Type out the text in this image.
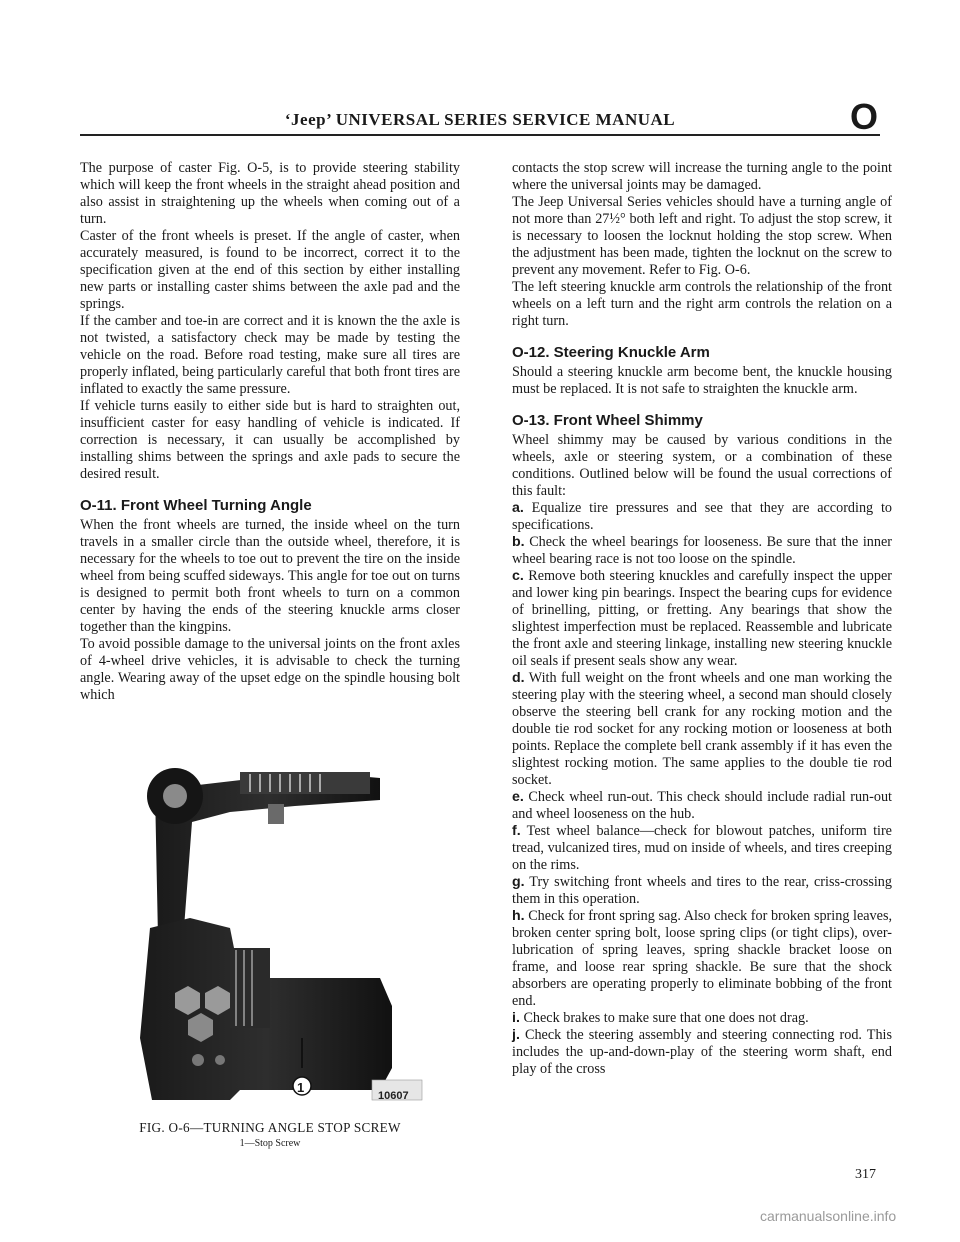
‘Jeep’ UNIVERSAL SERIES SERVICE MANUAL	O

The purpose of caster Fig. O-5, is to provide steering stability which will keep the front wheels in the straight ahead position and also assist in straightening up the wheels when coming out of a turn.

Caster of the front wheels is preset. If the angle of caster, when accurately measured, is found to be incorrect, correct it to the specification given at the end of this section by either installing new parts or installing caster shims between the axle pad and the springs.

If the camber and toe-in are correct and it is known the the axle is not twisted, a satisfactory check may be made by testing the vehicle on the road. Before road testing, make sure all tires are properly inflated, being particularly careful that both front tires are inflated to exactly the same pressure.

If vehicle turns easily to either side but is hard to straighten out, insufficient caster for easy handling of vehicle is indicated. If correction is necessary, it can usually be accomplished by installing shims between the springs and axle pads to secure the desired result.

O-11. Front Wheel Turning Angle

When the front wheels are turned, the inside wheel on the turn travels in a smaller circle than the outside wheel, therefore, it is necessary for the wheels to toe out to prevent the tire on the inside wheel from being scuffed sideways. This angle for toe out on turns is designed to permit both front wheels to turn on a common center by having the ends of the steering knuckle arms closer together than the kingpins.

To avoid possible damage to the universal joints on the front axles of 4-wheel drive vehicles, it is advisable to check the turning angle. Wearing away of the upset edge on the spindle housing bolt which

1
10607
FIG. O-6—TURNING ANGLE STOP SCREW
1—Stop Screw

contacts the stop screw will increase the turning angle to the point where the universal joints may be damaged.

The Jeep Universal Series vehicles should have a turning angle of not more than 27½° both left and right. To adjust the stop screw, it is necessary to loosen the locknut holding the stop screw. When the adjustment has been made, tighten the locknut on the screw to prevent any movement. Refer to Fig. O-6.

The left steering knuckle arm controls the relationship of the front wheels on a left turn and the right arm controls the relation on a right turn.

O-12. Steering Knuckle Arm

Should a steering knuckle arm become bent, the knuckle housing must be replaced. It is not safe to straighten the knuckle arm.

O-13. Front Wheel Shimmy

Wheel shimmy may be caused by various conditions in the wheels, axle or steering system, or a combination of these conditions. Outlined below will be found the usual corrections of this fault:

a. Equalize tire pressures and see that they are according to specifications.

b. Check the wheel bearings for looseness. Be sure that the inner wheel bearing race is not too loose on the spindle.

c. Remove both steering knuckles and carefully inspect the upper and lower king pin bearings. Inspect the bearing cups for evidence of brinelling, pitting, or fretting. Any bearings that show the slightest imperfection must be replaced. Reassemble and lubricate the front axle and steering linkage, installing new steering knuckle oil seals if present seals show any wear.

d. With full weight on the front wheels and one man working the steering play with the steering wheel, a second man should closely observe the steering bell crank for any rocking motion and the double tie rod socket for any rocking motion or looseness at both points. Replace the complete bell crank assembly if it has even the slightest rocking motion. The same applies to the double tie rod socket.

e. Check wheel run-out. This check should include radial run-out and wheel looseness on the hub.

f. Test wheel balance—check for blowout patches, uniform tire tread, vulcanized tires, mud on inside of wheels, and tires creeping on the rims.

g. Try switching front wheels and tires to the rear, criss-crossing them in this operation.

h. Check for front spring sag. Also check for broken spring leaves, broken center spring bolt, loose spring clips (or tight clips), over-lubrication of spring leaves, spring shackle bracket loose on frame, and loose rear spring shackle. Be sure that the shock absorbers are operating properly to eliminate bobbing of the front end.

i. Check brakes to make sure that one does not drag.

j. Check the steering assembly and steering connecting rod. This includes the up-and-down-play of the steering worm shaft, end play of the cross

317
carmanualsonline.info
